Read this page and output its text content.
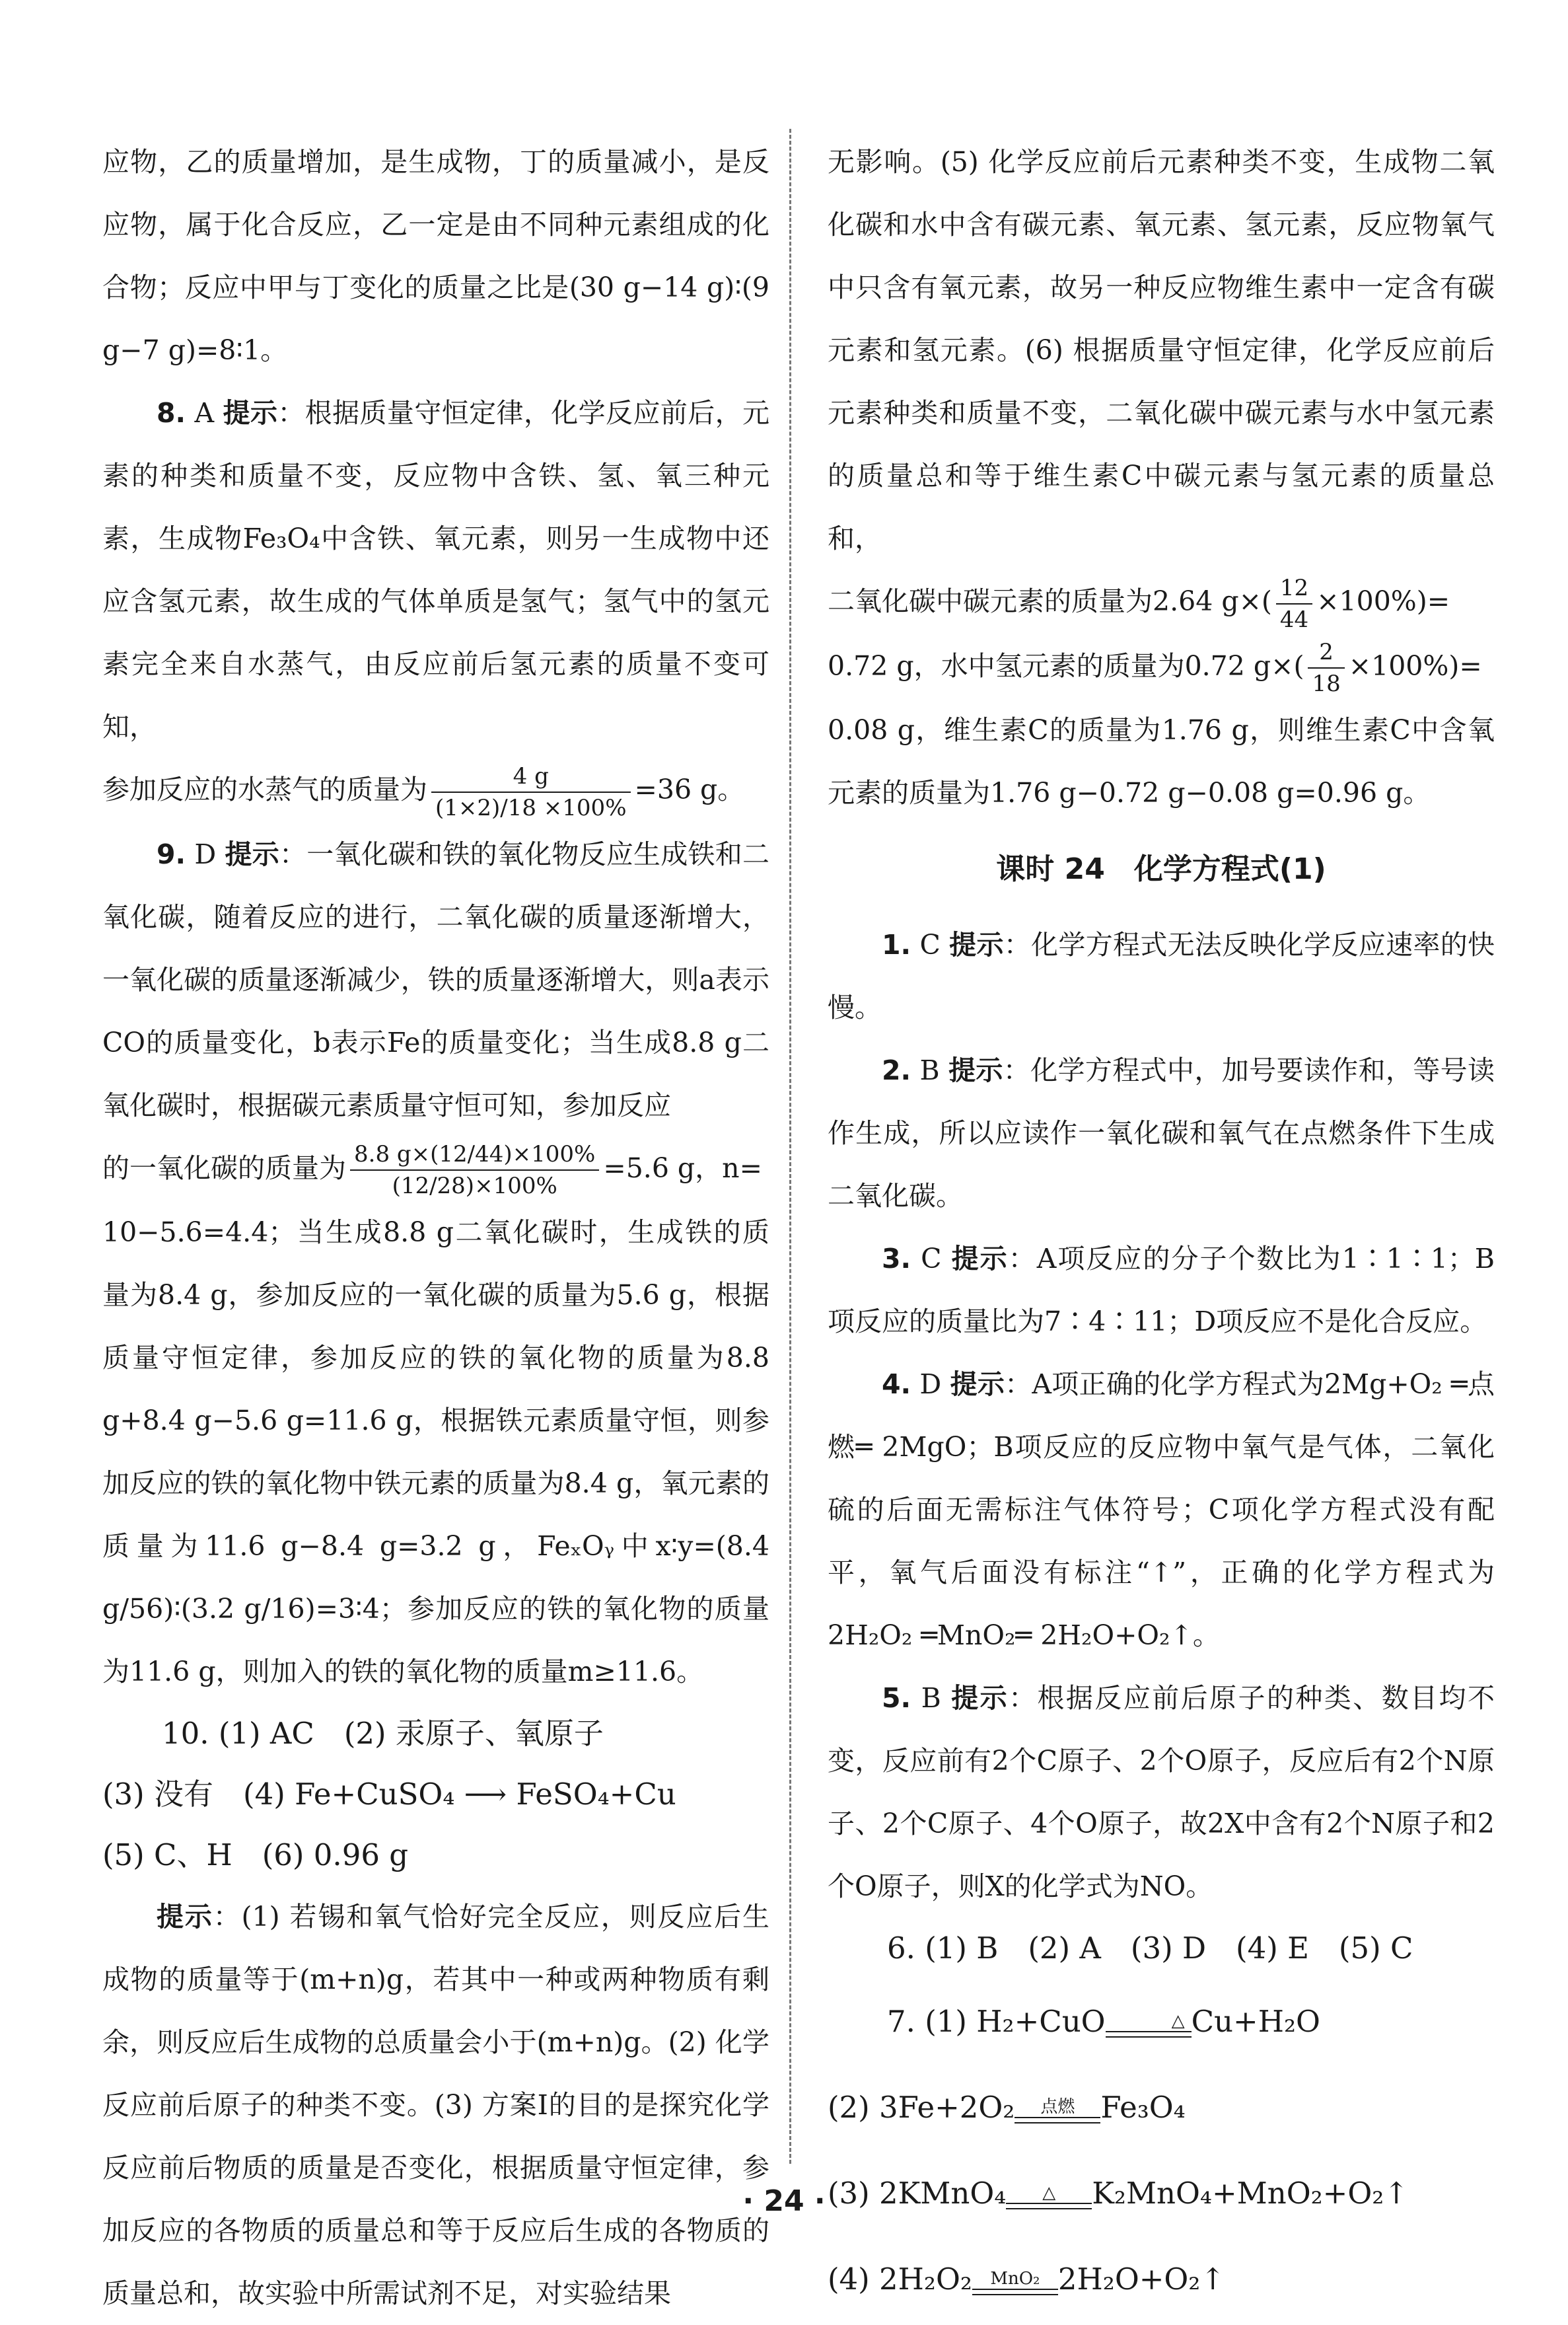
应物，乙的质量增加，是生成物，丁的质量减小，是反应物，属于化合反应，乙一定是由不同种元素组成的化合物；反应中甲与丁变化的质量之比是(30 g−14 g)∶(9 g−7 g)=8∶1。

8. A 提示：根据质量守恒定律，化学反应前后，元素的种类和质量不变，反应物中含铁、氢、氧三种元素，生成物Fe₃O₄中含铁、氧元素，则另一生成物中还应含氢元素，故生成的气体单质是氢气；氢气中的氢元素完全来自水蒸气，由反应前后氢元素的质量不变可知，

参加反应的水蒸气的质量为 $\frac{4 g}{(1\times 2)/18 \times 100\%} =36$ g。

9. D 提示：一氧化碳和铁的氧化物反应生成铁和二氧化碳，随着反应的进行，二氧化碳的质量逐渐增大，一氧化碳的质量逐渐减少，铁的质量逐渐增大，则a表示CO的质量变化，b表示Fe的质量变化；当生成8.8 g二氧化碳时，根据碳元素质量守恒可知，参加反应

的一氧化碳的质量为 $\frac{8.8 g\times(12/44)\times 100\%}{(12/28)\times 100\%} =5.6$ g，n=

10−5.6=4.4；当生成8.8 g二氧化碳时，生成铁的质量为8.4 g，参加反应的一氧化碳的质量为5.6 g，根据质量守恒定律，参加反应的铁的氧化物的质量为8.8 g+8.4 g−5.6 g=11.6 g，根据铁元素质量守恒，则参加反应的铁的氧化物中铁元素的质量为8.4 g，氧元素的质量为11.6 g−8.4 g=3.2 g，FeₓOᵧ中x∶y=(8.4 g/56)∶(3.2 g/16)=3∶4；参加反应的铁的氧化物的质量为11.6 g，则加入的铁的氧化物的质量m≥11.6。

10. (1) AC　(2) 汞原子、氧原子

(3) 没有　(4) Fe+CuSO₄ ⟶ FeSO₄+Cu

(5) C、H　(6) 0.96 g

提示：(1) 若锡和氧气恰好完全反应，则反应后生成物的质量等于(m+n)g，若其中一种或两种物质有剩余，则反应后生成物的总质量会小于(m+n)g。(2) 化学反应前后原子的种类不变。(3) 方案Ⅰ的目的是探究化学反应前后物质的质量是否变化，根据质量守恒定律，参加反应的各物质的质量总和等于反应后生成的各物质的质量总和，故实验中所需试剂不足，对实验结果

无影响。(5) 化学反应前后元素种类不变，生成物二氧化碳和水中含有碳元素、氧元素、氢元素，反应物氧气中只含有氧元素，故另一种反应物维生素中一定含有碳元素和氢元素。(6) 根据质量守恒定律，化学反应前后元素种类和质量不变，二氧化碳中碳元素与水中氢元素的质量总和等于维生素C中碳元素与氢元素的质量总和，

二氧化碳中碳元素的质量为2.64 $g\times( \frac{12}{44} \times 100\%)=$

0.72 g，水中氢元素的质量为0.72 $g\times( \frac{2}{18} \times 100\%)=$

0.08 g，维生素C的质量为1.76 g，则维生素C中含氧元素的质量为1.76 g−0.72 g−0.08 g=0.96 g。

课时 24　化学方程式(1)

1. C 提示：化学方程式无法反映化学反应速率的快慢。

2. B 提示：化学方程式中，加号要读作和，等号读作生成，所以应读作一氧化碳和氧气在点燃条件下生成二氧化碳。

3. C 提示：A项反应的分子个数比为1∶1∶1；B项反应的质量比为7∶4∶11；D项反应不是化合反应。

4. D 提示：A项正确的化学方程式为2Mg+O₂ ═点燃═ 2MgO；B项反应的反应物中氧气是气体，二氧化硫的后面无需标注气体符号；C项化学方程式没有配平，氧气后面没有标注“↑”，正确的化学方程式为2H₂O₂ ═MnO₂═ 2H₂O+O₂↑。

5. B 提示：根据反应前后原子的种类、数目均不变，反应前有2个C原子、2个O原子，反应后有2个N原子、2个C原子、4个O原子，故2X中含有2个N原子和2个O原子，则X的化学式为NO。

6. (1) B　(2) A　(3) D　(4) E　(5) C

7. (1) H₂+CuO	△ Cu+H₂O

(2) 3Fe+2O₂	点燃 Fe₃O₄

(3) 2KMnO₄	△	K₂MnO₄+MnO₂+O₂↑

(4) 2H₂O₂	MnO₂ 2H₂O+O₂↑

· 24 ·
